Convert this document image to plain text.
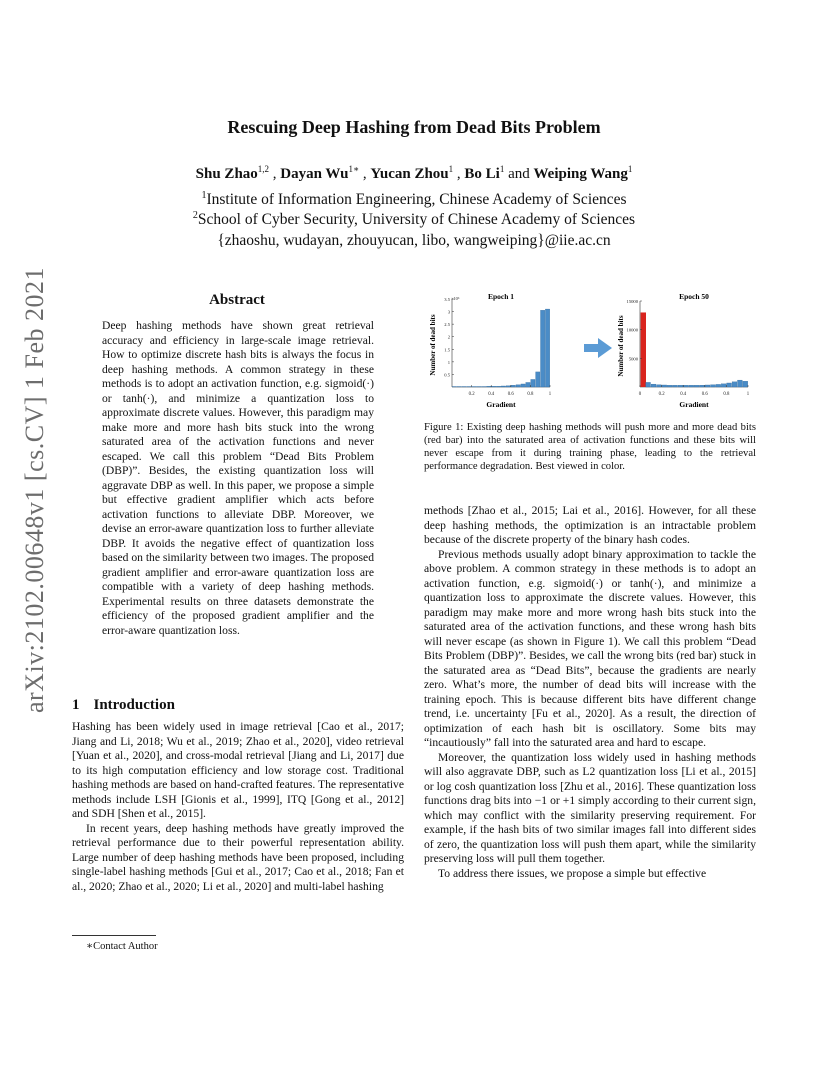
arXiv:2102.00648v1 [cs.CV] 1 Feb 2021
Rescuing Deep Hashing from Dead Bits Problem
Shu Zhao$^{1,2}$ , Dayan $Wu^{1∗}$ , Yucan Zhou$^1$ , Bo Li$^1$ and Weiping Wang$^1$
$^1$Institute of Information Engineering, Chinese Academy of Sciences
$^2$School of Cyber Security, University of Chinese Academy of Sciences
{zhaoshu, wudayan, zhouyucan, libo, wangweiping}@iie.ac.cn
Abstract

Deep hashing methods have shown great retrieval accuracy and efficiency in large-scale image retrieval. How to optimize discrete hash bits is always the focus in deep hashing methods. A common strategy in these methods is to adopt an activation function, e.g. sigmoid(·) or tanh(·), and minimize a quantization loss to approximate discrete values. However, this paradigm may make more and more hash bits stuck into the wrong saturated area of the activation functions and never escaped. We call this problem “Dead Bits Problem (DBP)”. Besides, the existing quantization loss will aggravate DBP as well. In this paper, we propose a simple but effective gradient amplifier which acts before activation functions to alleviate DBP. Moreover, we devise an error-aware quantization loss to further alleviate DBP. It avoids the negative effect of quantization loss based on the similarity between two images. The proposed gradient amplifier and error-aware quantization loss are compatible with a variety of deep hashing methods. Experimental results on three datasets demonstrate the efficiency of the proposed gradient amplifier and the error-aware quantization loss.

1 Introduction

Hashing has been widely used in image retrieval [Cao et al., 2017; Jiang and Li, 2018; Wu et al., 2019; Zhao et al., 2020], video retrieval [Yuan et al., 2020], and cross-modal retrieval [Jiang and Li, 2017] due to its high computation efficiency and low storage cost. Traditional hashing methods are based on hand-crafted features. The representative methods include LSH [Gionis et al., 1999], ITQ [Gong et al., 2012] and SDH [Shen et al., 2015].

In recent years, deep hashing methods have greatly improved the retrieval performance due to their powerful representation ability. Large number of deep hashing methods have been proposed, including single-label hashing methods [Gui et al., 2017; Cao et al., 2018; Fan et al., 2020; Zhao et al., 2020; Li et al., 2020] and multi-label hashing

∗Contact Author
0.5
1
1.5
2
2.5
3
3.5
0.2	0.4	0.6	0.8	1
Epoch 1
Gradient
Number of dead bits
×10⁶
5000
10000
15000
0	0.2	0.4	0.6	0.8	1
Epoch 50
Gradient
Number of dead bits

Figure 1: Existing deep hashing methods will push more and more dead bits (red bar) into the saturated area of activation functions and these bits will never escape from it during training phase, leading to the retrieval performance degradation. Best viewed in color.

methods [Zhao et al., 2015; Lai et al., 2016]. However, for all these deep hashing methods, the optimization is an intractable problem because of the discrete property of the binary hash codes.

Previous methods usually adopt binary approximation to tackle the above problem. A common strategy in these methods is to adopt an activation function, e.g. sigmoid(·) or tanh(·), and minimize a quantization loss to approximate the discrete values. However, this paradigm may make more and more wrong hash bits stuck into the saturated area of the activation functions, and these wrong hash bits will never escape (as shown in Figure 1). We call this problem “Dead Bits Problem (DBP)”. Besides, we call the wrong bits (red bar) stuck in the saturated area as “Dead Bits”, because the gradients are nearly zero. What’s more, the number of dead bits will increase with the training epoch. This is because different bits have different change trend, i.e. uncertainty [Fu et al., 2020]. As a result, the direction of optimization of each hash bit is oscillatory. Some bits may “incautiously” fall into the saturated area and hard to escape.

Moreover, the quantization loss widely used in hashing methods will also aggravate DBP, such as L2 quantization loss [Li et al., 2015] or log cosh quantization loss [Zhu et al., 2016]. These quantization loss functions drag bits into −1 or +1 simply according to their current sign, which may conflict with the similarity preserving requirement. For example, if the hash bits of two similar images fall into different sides of zero, the quantization loss will push them apart, while the similarity preserving loss will pull them together.

To address there issues, we propose a simple but effective
